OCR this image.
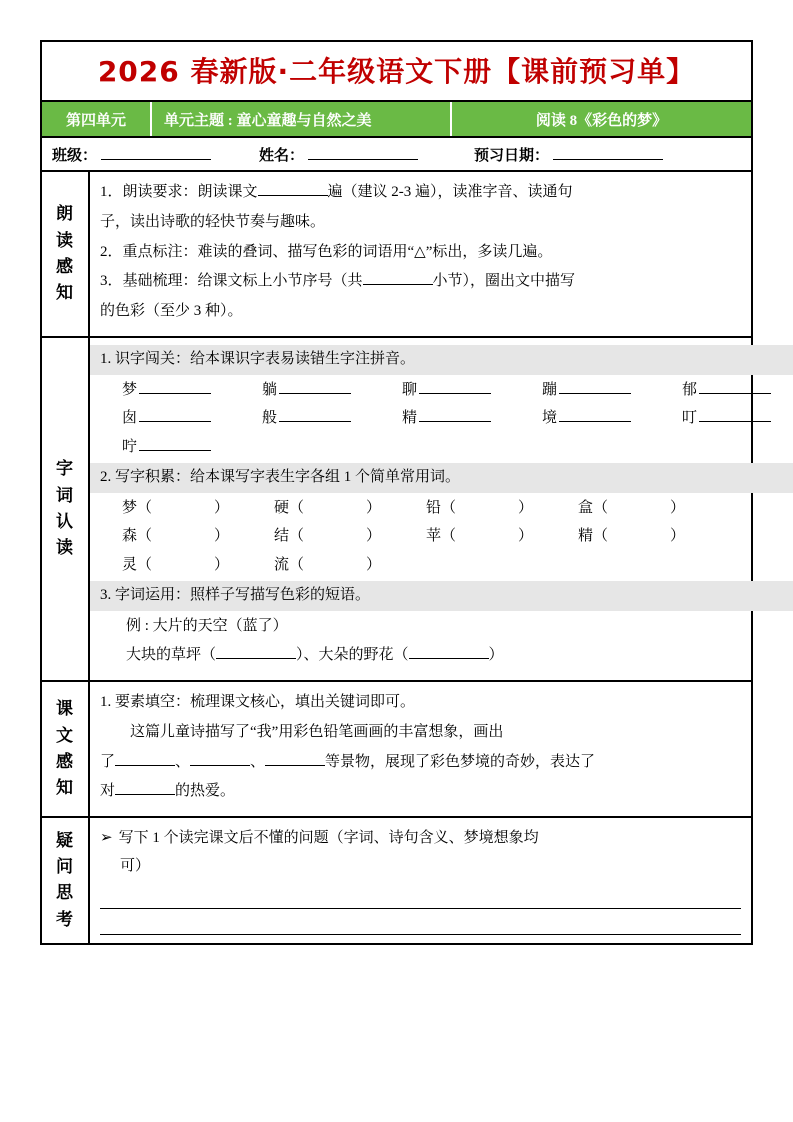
2026 春新版·二年级语文下册【课前预习单】
第四单元	单元主题 : 童心童趣与自然之美	阅读 8《彩色的梦》
班级：	姓名：	预习日期：
朗
读
感
知

1．朗读要求：朗读课文	遍（建议 2-3 遍），读准字音、读通句

子，读出诗歌的轻快节奏与趣味。

2．重点标注：难读的叠词、描写色彩的词语用“△”标出，多读几遍。

3．基础梳理：给课文标上小节序号（共	小节），圈出文中描写

的色彩（至少 3 种）。

字
词
认
读
1. 识字闯关：给本课识字表易读错生字注拼音。
梦	躺	聊	蹦	郁
囱	般	精	境	叮
咛
2. 写字积累：给本课写字表生字各组 1 个简单常用词。
梦（	）	硬（	）	铅（	）	盒（	）
森（	）	结（	）	苹（	）	精（	）
灵（	）	流（	）
3. 字词运用：照样子写描写色彩的短语。

例 : 大片的天空（蓝了）

大块的草坪（	）、大朵的野花（	）

课
文
感
知

1. 要素填空：梳理课文核心，填出关键词即可。

这篇儿童诗描写了“我”用彩色铅笔画画的丰富想象，画出

了	、	、	等景物，展现了彩色梦境的奇妙，表达了

对	的热爱。

疑
问
思
考
➢ 写下 1 个读完课文后不懂的问题（字词、诗句含义、梦境想象均

可）
